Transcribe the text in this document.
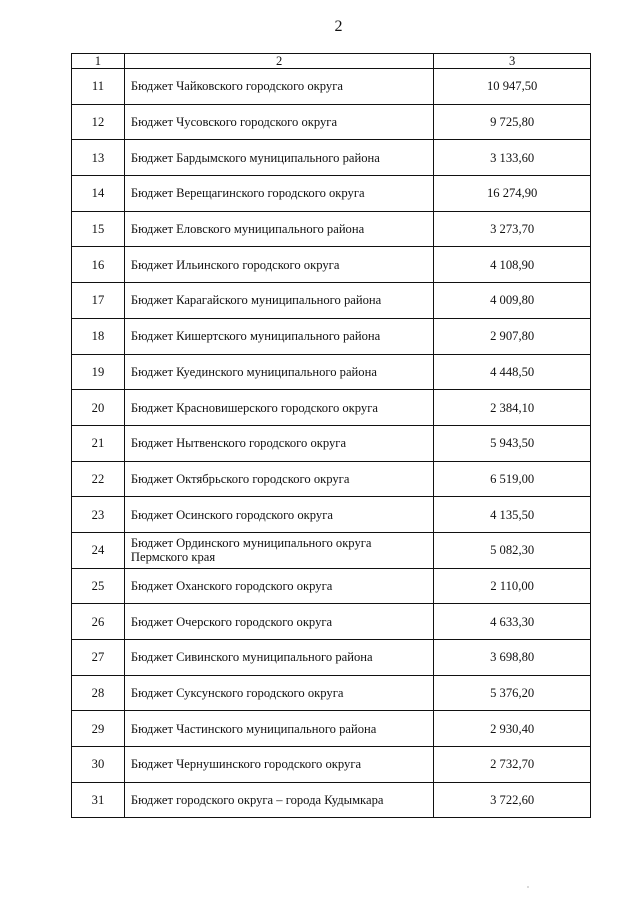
2
1	2	3
11	Бюджет Чайковского городского округа	10 947,50
12	Бюджет Чусовского городского округа	9 725,80
13	Бюджет Бардымского муниципального района	3 133,60
14	Бюджет Верещагинского городского округа	16 274,90
15	Бюджет Еловского муниципального района	3 273,70
16	Бюджет Ильинского городского округа	4 108,90
17	Бюджет Карагайского муниципального района	4 009,80
18	Бюджет Кишертского муниципального района	2 907,80
19	Бюджет Куединского муниципального района	4 448,50
20	Бюджет Красновишерского городского округа	2 384,10
21	Бюджет Нытвенского городского округа	5 943,50
22	Бюджет Октябрьского городского округа	6 519,00
23	Бюджет Осинского городского округа	4 135,50
24	Бюджет Ординского муниципального округа
Пермского края	5 082,30
25	Бюджет Оханского городского округа	2 110,00
26	Бюджет Очерского городского округа	4 633,30
27	Бюджет Сивинского муниципального района	3 698,80
28	Бюджет Суксунского городского округа	5 376,20
29	Бюджет Частинского муниципального района	2 930,40
30	Бюджет Чернушинского городского округа	2 732,70
31	Бюджет городского округа – города Кудымкара	3 722,60
